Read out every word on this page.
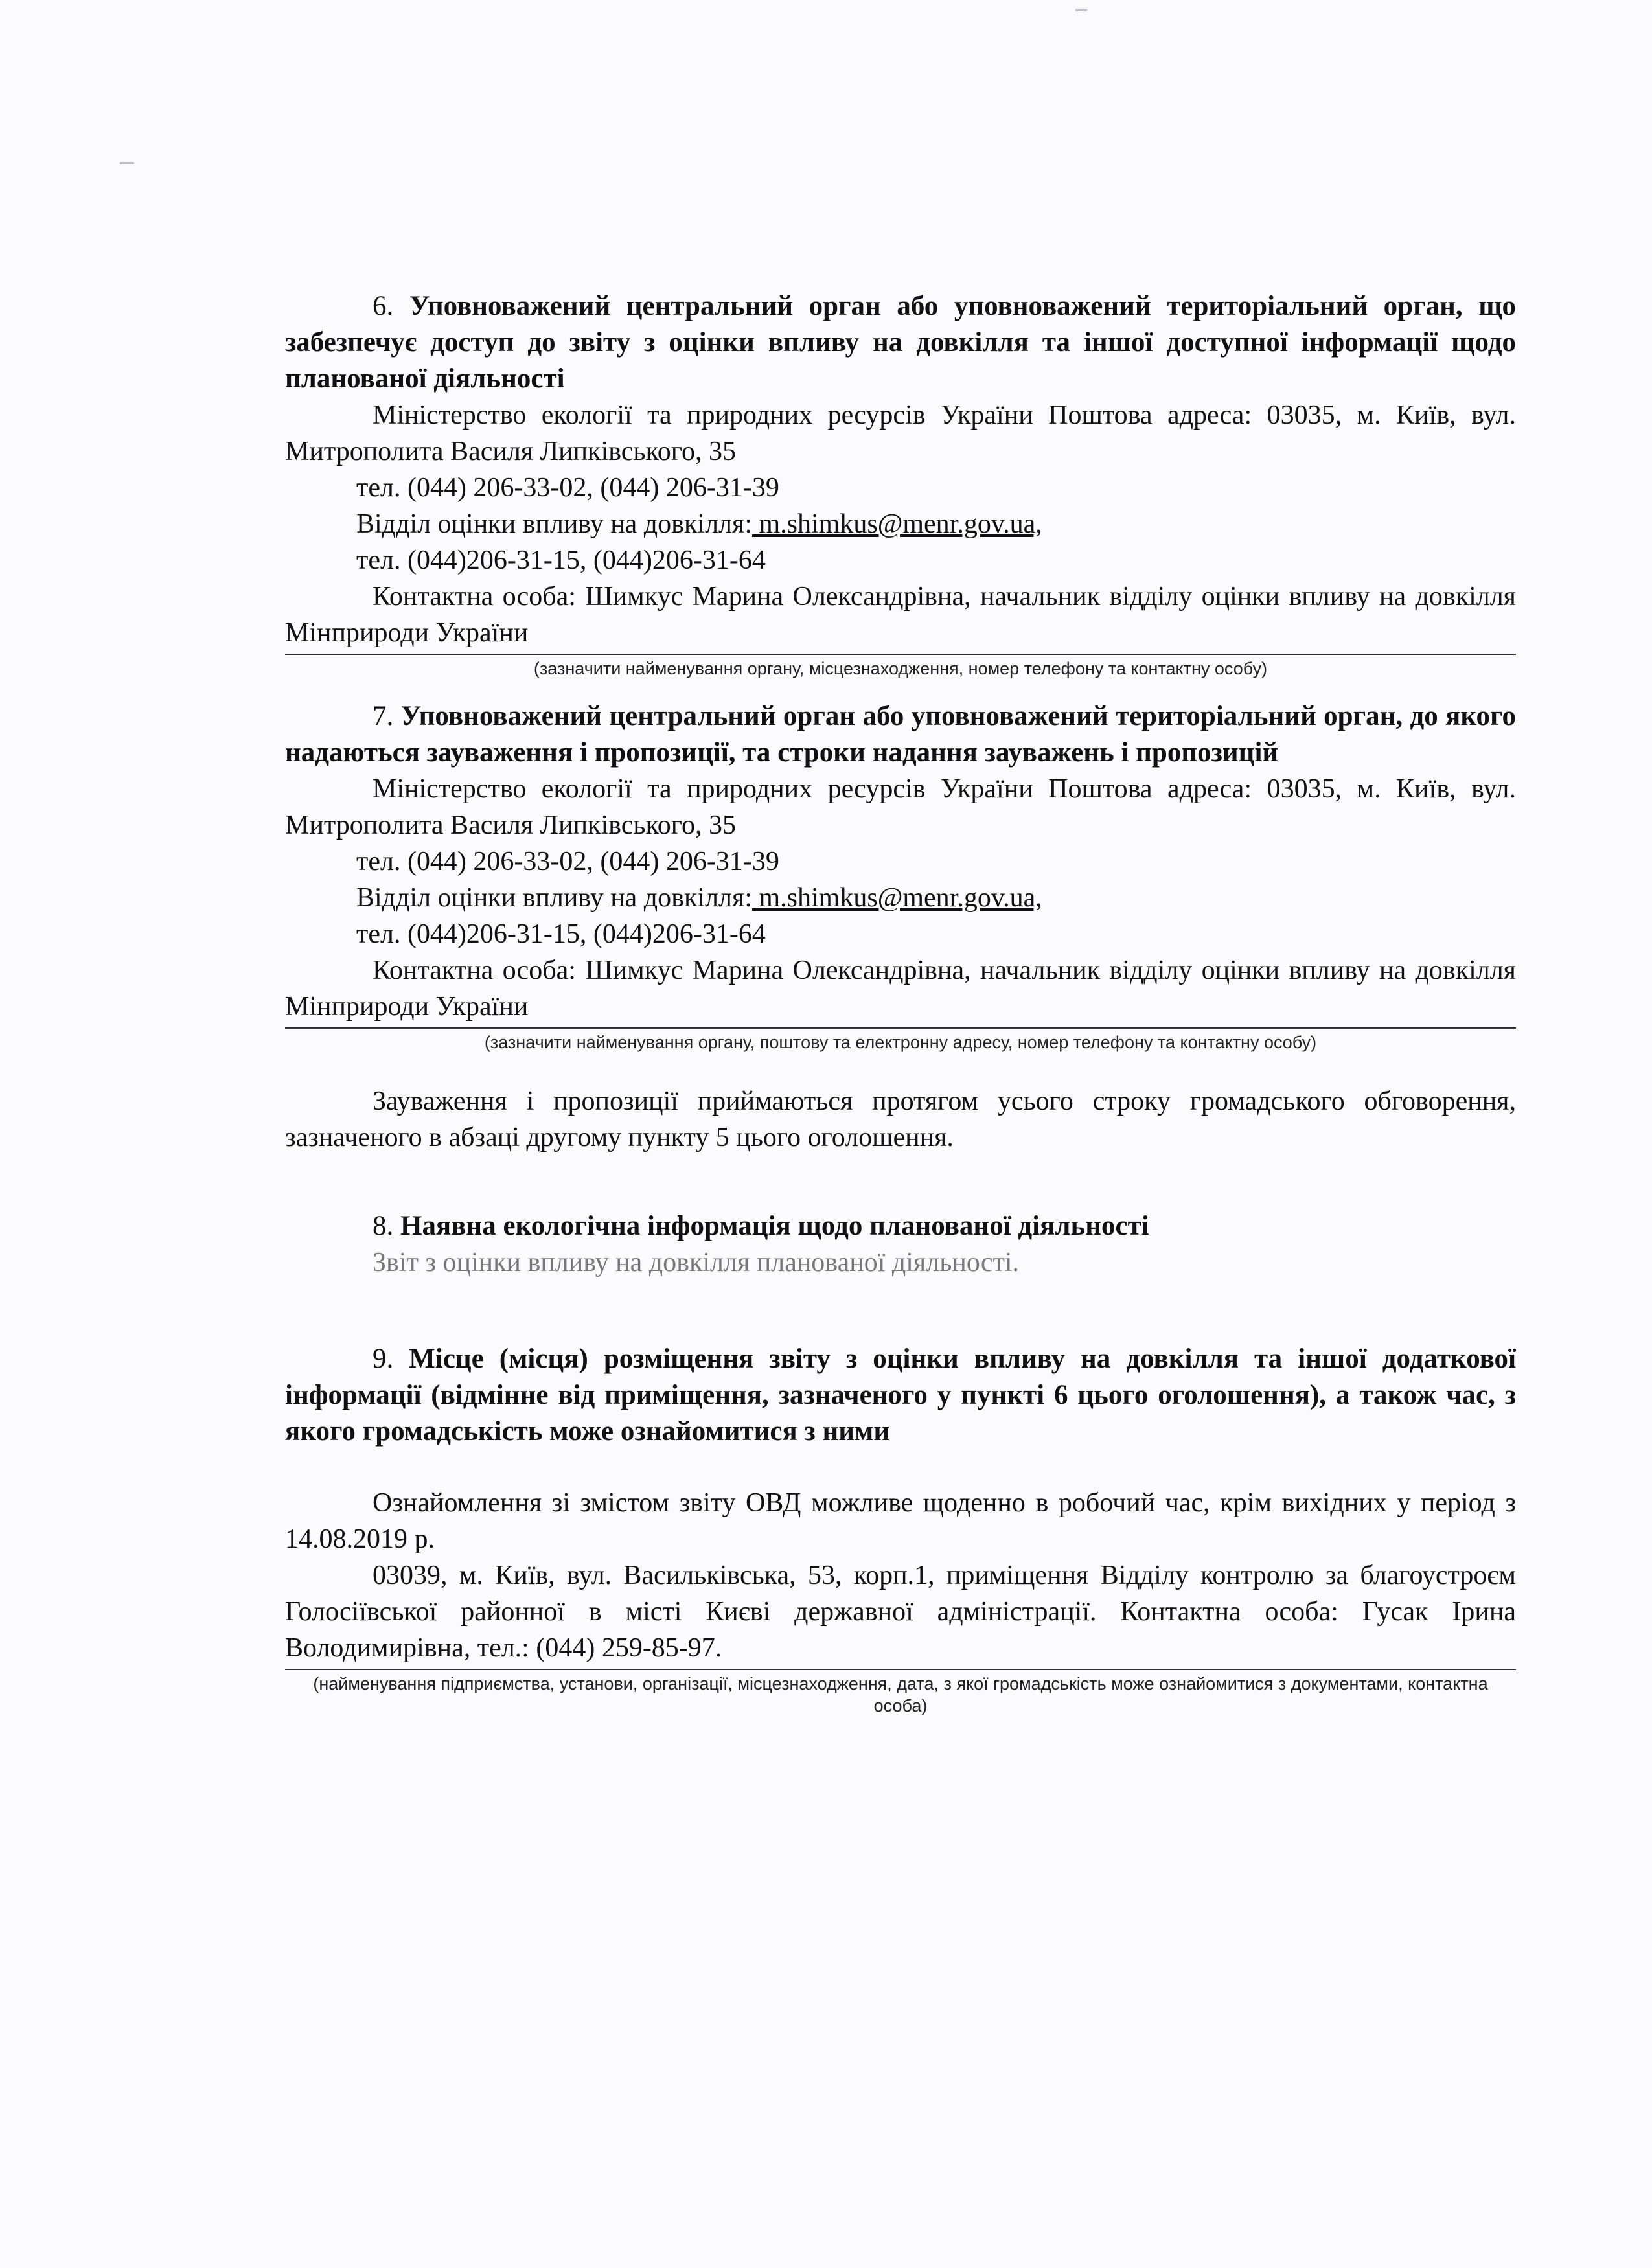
6. Уповноважений центральний орган або уповноважений територіальний орган, що забезпечує доступ до звіту з оцінки впливу на довкілля та іншої доступної інформації щодо планованої діяльності

Міністерство екології та природних ресурсів України Поштова адреса: 03035, м. Київ, вул. Митрополита Василя Липківського, 35

тел. (044) 206-33-02, (044) 206-31-39

Відділ оцінки впливу на довкілля: m.shimkus@menr.gov.ua,

тел. (044)206-31-15, (044)206-31-64

Контактна особа: Шимкус Марина Олександрівна, начальник відділу оцінки впливу на довкілля Мінприроди України

(зазначити найменування органу, місцезнаходження, номер телефону та контактну особу)

7. Уповноважений центральний орган або уповноважений територіальний орган, до якого надаються зауваження і пропозиції, та строки надання зауважень і пропозицій

Міністерство екології та природних ресурсів України Поштова адреса: 03035, м. Київ, вул. Митрополита Василя Липківського, 35

тел. (044) 206-33-02, (044) 206-31-39

Відділ оцінки впливу на довкілля: m.shimkus@menr.gov.ua,

тел. (044)206-31-15, (044)206-31-64

Контактна особа: Шимкус Марина Олександрівна, начальник відділу оцінки впливу на довкілля Мінприроди України

(зазначити найменування органу, поштову та електронну адресу, номер телефону та контактну особу)

Зауваження і пропозиції приймаються протягом усього строку громадського обговорення, зазначеного в абзаці другому пункту 5 цього оголошення.

8. Наявна екологічна інформація щодо планованої діяльності

Звіт з оцінки впливу на довкілля планованої діяльності.

9. Місце (місця) розміщення звіту з оцінки впливу на довкілля та іншої додаткової інформації (відмінне від приміщення, зазначеного у пункті 6 цього оголошення), а також час, з якого громадськість може ознайомитися з ними

Ознайомлення зі змістом звіту ОВД можливе щоденно в робочий час, крім вихідних у період з 14.08.2019 р.

03039, м. Київ, вул. Васильківська, 53, корп.1, приміщення Відділу контролю за благоустроєм Голосіївської районної в місті Києві державної адміністрації. Контактна особа: Гусак Ірина Володимирівна, тел.: (044) 259-85-97.

(найменування підприємства, установи, організації, місцезнаходження, дата, з якої громадськість може ознайомитися з документами, контактна особа)
